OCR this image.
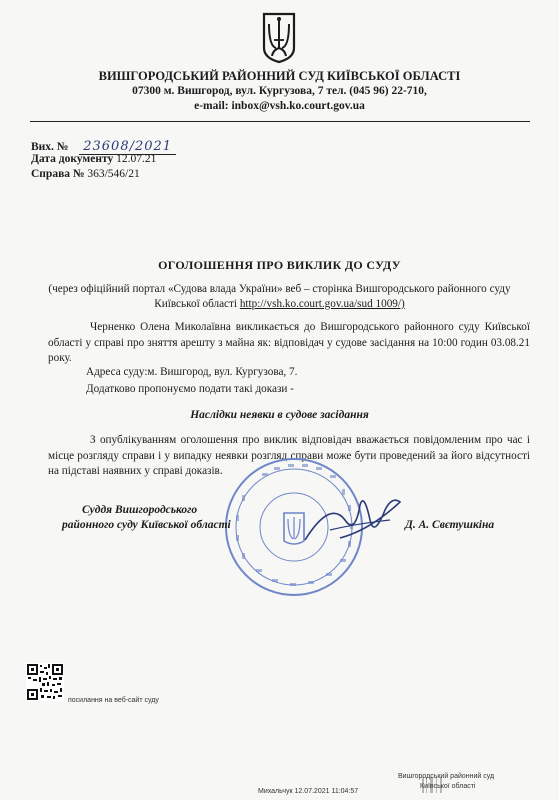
ВИШГОРОДСЬКИЙ РАЙОННИЙ СУД КИЇВСЬКОЇ ОБЛАСТІ
07300 м. Вишгород, вул. Кургузова, 7 тел. (045 96) 22-710,
e-mail: inbox@vsh.ko.court.gov.ua
Вих. № 23608/2021
Дата документу 12.07.21
Справа № 363/546/21
ОГОЛОШЕННЯ ПРО ВИКЛИК ДО СУДУ
(через офіційний портал «Судова влада України» веб – сторінка Вишгородського районного суду
Київської області http://vsh.ko.court.gov.ua/sud 1009/)
Черненко Олена Миколаївна викликається до Вишгородського районного суду Київської області у справі про зняття арешту з майна як: відповідач у судове засідання на 10:00 годин 03.08.21 року.
Адреса суду:м. Вишгород, вул. Кургузова, 7.
Додатково пропонуємо подати такі докази -
Наслідки неявки в судове засідання
З опублікуванням оголошення про виклик відповідач вважається повідомленим про час і місце розгляду справи і у випадку неявки розгляд справи може бути проведений за його відсутності на підставі наявних у справі доказів.
Суддя Вишгородського
районного суду Київської області	Д. А. Свєтушкіна
посилання на веб-сайт суду
Вишгородський районний суд
Київської області
Михальчук 12.07.2021 11:04:57
